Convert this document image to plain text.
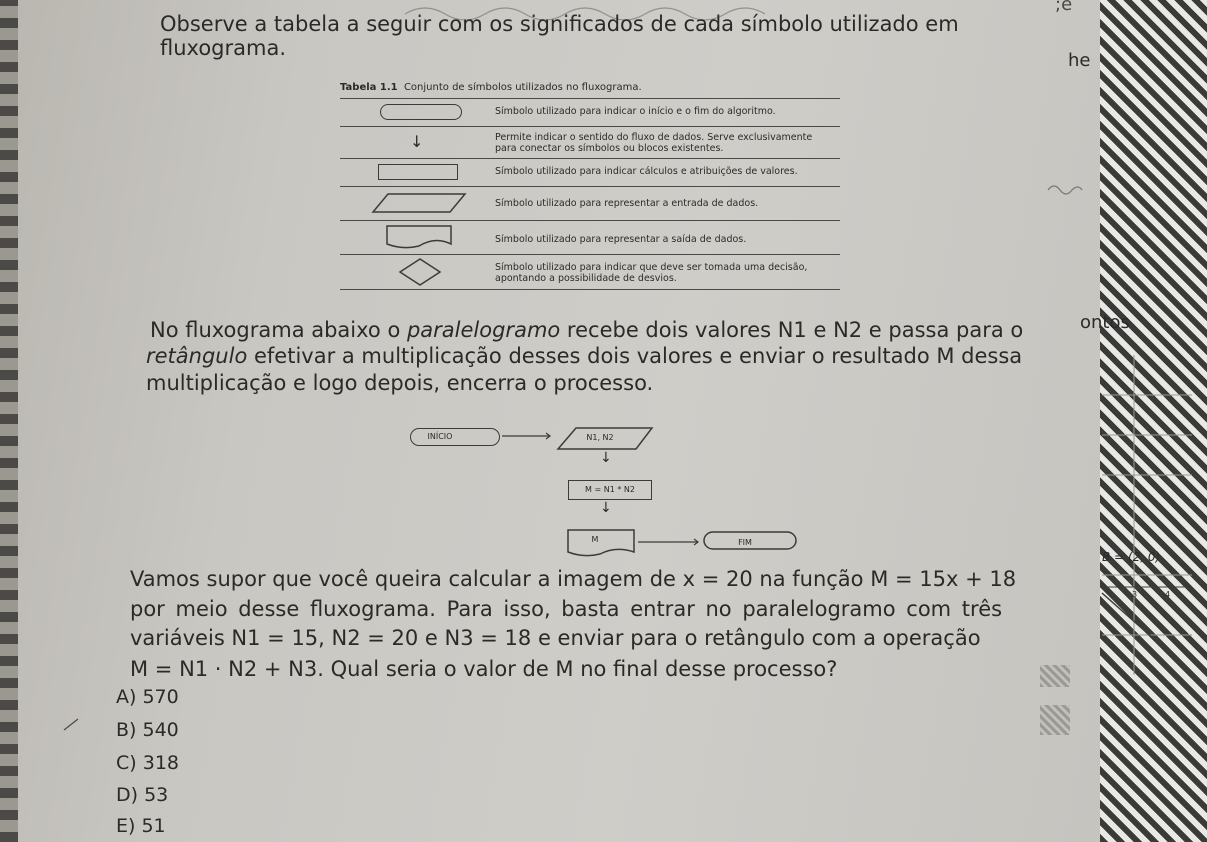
;e
Observe a tabela a seguir com os significados de cada símbolo utilizado em
fluxograma.
he
ontos
Tabela 1.1 Conjunto de símbolos utilizados no fluxograma.
Símbolo utilizado para indicar o início e o fim do algoritmo.
↓	Permite indicar o sentido do fluxo de dados. Serve exclusivamente para conectar os símbolos ou blocos existentes.
Símbolo utilizado para indicar cálculos e atribuições de valores.
Símbolo utilizado para representar a entrada de dados.
Símbolo utilizado para representar a saída de dados.
Símbolo utilizado para indicar que deve ser tomada uma decisão, apontando a possibilidade de desvios.
No fluxograma abaixo o paralelogramo recebe dois valores N1 e N2 e passa para o
retângulo efetivar a multiplicação desses dois valores e enviar o resultado M dessa
multiplicação e logo depois, encerra o processo.
INÍCIO	N1, N2
↓
M = N1 * N2
↓
M	FIM
B = (2, 0)
3	4
Vamos supor que você queira calcular a imagem de x = 20 na função M = 15x + 18
por meio desse fluxograma. Para isso, basta entrar no paralelogramo com três
variáveis N1 = 15, N2 = 20 e N3 = 18 e enviar para o retângulo com a operação
M = N1 · N2 + N3. Qual seria o valor de M no final desse processo?
A) 570
B) 540
C) 318
D) 53
E) 51
